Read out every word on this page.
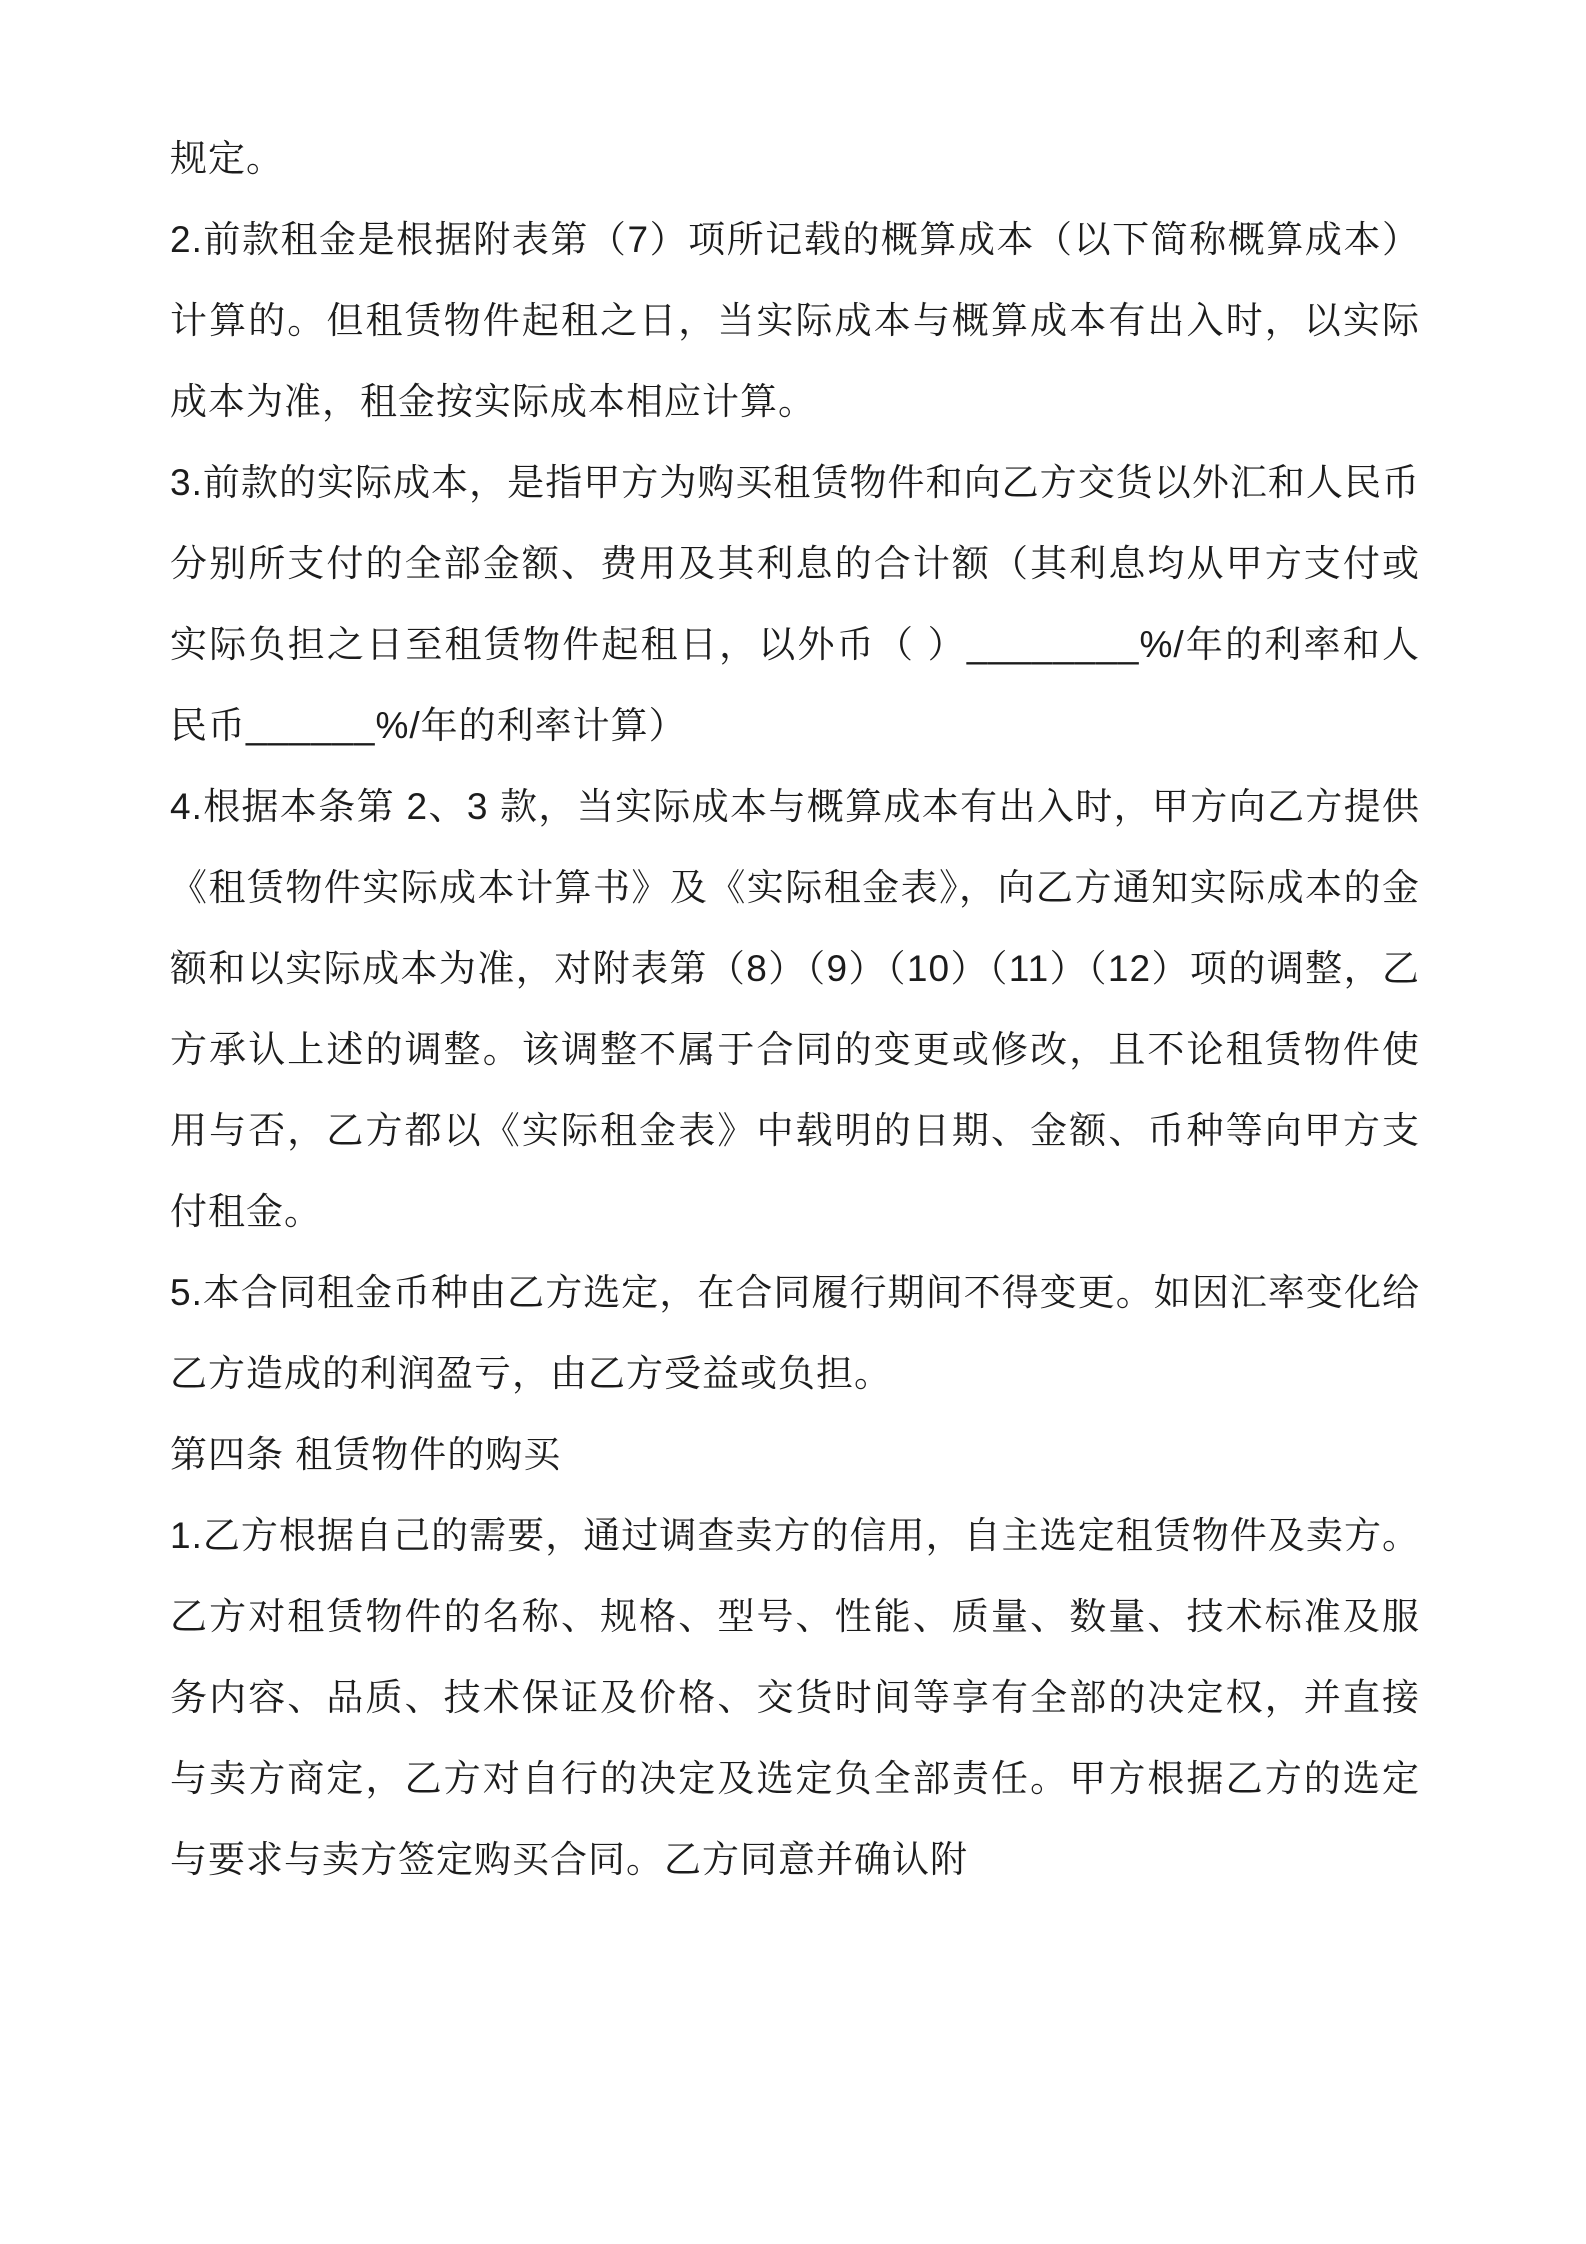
规定。

2.前款租金是根据附表第（7）项所记载的概算成本（以下简称概算成本）计算的。但租赁物件起租之日，当实际成本与概算成本有出入时，以实际成本为准，租金按实际成本相应计算。

3.前款的实际成本，是指甲方为购买租赁物件和向乙方交货以外汇和人民币分别所支付的全部金额、费用及其利息的合计额（其利息均从甲方支付或实际负担之日至租赁物件起租日，以外币（ ）________%/年的利率和人民币______%/年的利率计算）

4.根据本条第 2、3 款，当实际成本与概算成本有出入时，甲方向乙方提供《租赁物件实际成本计算书》及《实际租金表》，向乙方通知实际成本的金额和以实际成本为准，对附表第（8）（9）（10）（11）（12）项的调整，乙方承认上述的调整。该调整不属于合同的变更或修改，且不论租赁物件使用与否，乙方都以《实际租金表》中载明的日期、金额、币种等向甲方支付租金。

5.本合同租金币种由乙方选定，在合同履行期间不得变更。如因汇率变化给乙方造成的利润盈亏，由乙方受益或负担。

第四条 租赁物件的购买

1.乙方根据自己的需要，通过调查卖方的信用，自主选定租赁物件及卖方。乙方对租赁物件的名称、规格、型号、性能、质量、数量、技术标准及服务内容、品质、技术保证及价格、交货时间等享有全部的决定权，并直接与卖方商定，乙方对自行的决定及选定负全部责任。甲方根据乙方的选定与要求与卖方签定购买合同。乙方同意并确认附
